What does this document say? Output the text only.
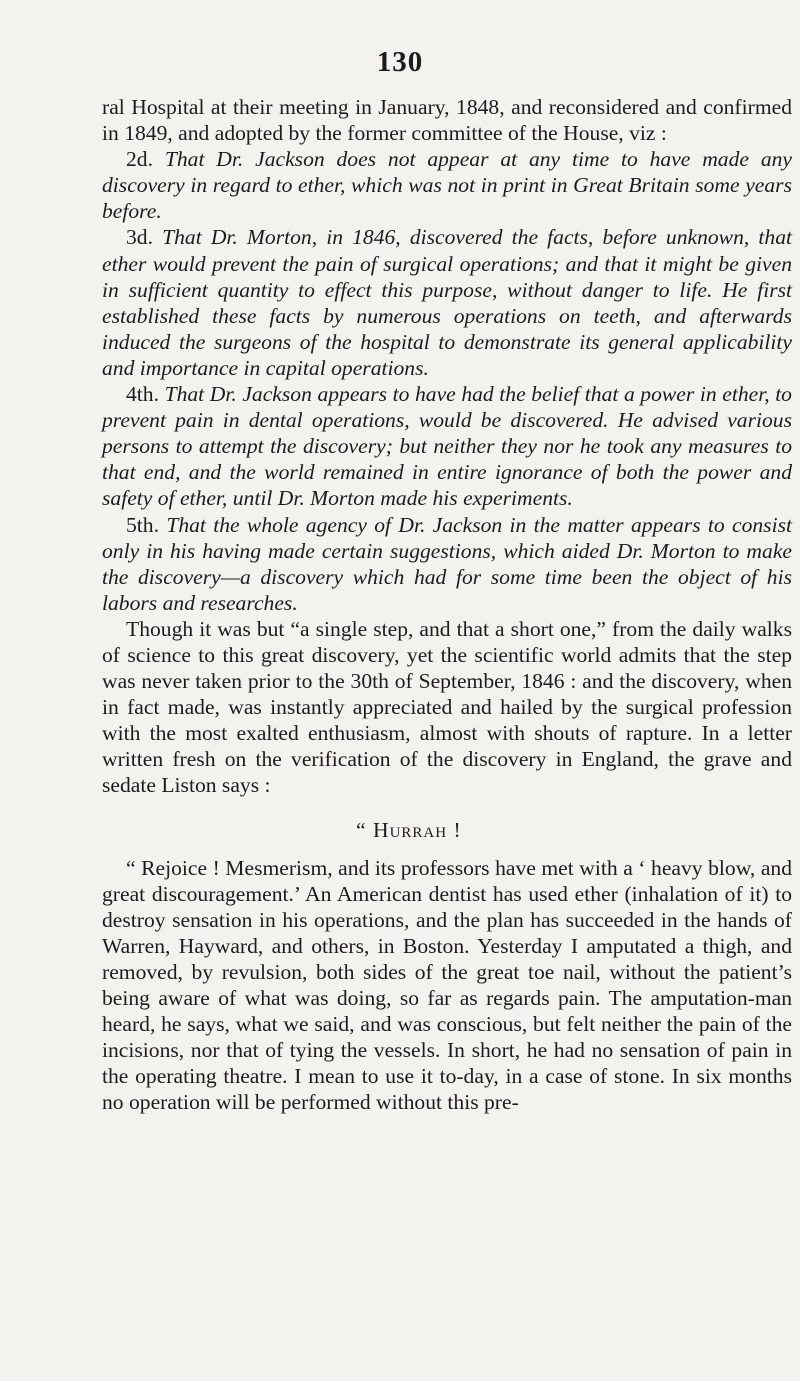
130

ral Hospital at their meeting in January, 1848, and reconsidered and confirmed in 1849, and adopted by the former committee of the House, viz :

2d. That Dr. Jackson does not appear at any time to have made any discovery in regard to ether, which was not in print in Great Britain some years before.

3d. That Dr. Morton, in 1846, discovered the facts, before unknown, that ether would prevent the pain of surgical operations; and that it might be given in sufficient quantity to effect this purpose, without danger to life. He first established these facts by numerous operations on teeth, and afterwards induced the surgeons of the hospital to demonstrate its general applicability and importance in capital operations.

4th. That Dr. Jackson appears to have had the belief that a power in ether, to prevent pain in dental operations, would be discovered. He advised various persons to attempt the discovery; but neither they nor he took any measures to that end, and the world remained in entire ignorance of both the power and safety of ether, until Dr. Morton made his experiments.

5th. That the whole agency of Dr. Jackson in the matter appears to consist only in his having made certain suggestions, which aided Dr. Morton to make the discovery—a discovery which had for some time been the object of his labors and researches.

Though it was but “a single step, and that a short one,” from the daily walks of science to this great discovery, yet the scientific world admits that the step was never taken prior to the 30th of September, 1846 : and the discovery, when in fact made, was instantly appreciated and hailed by the surgical profession with the most exalted enthusiasm, almost with shouts of rapture. In a letter written fresh on the verification of the discovery in England, the grave and sedate Liston says :

“ Hurrah !

“ Rejoice ! Mesmerism, and its professors have met with a ‘ heavy blow, and great discouragement.’ An American dentist has used ether (inhalation of it) to destroy sensation in his operations, and the plan has succeeded in the hands of Warren, Hayward, and others, in Boston. Yesterday I amputated a thigh, and removed, by revulsion, both sides of the great toe nail, without the patient’s being aware of what was doing, so far as regards pain. The amputation-man heard, he says, what we said, and was conscious, but felt neither the pain of the incisions, nor that of tying the vessels. In short, he had no sensation of pain in the operating theatre. I mean to use it to-day, in a case of stone. In six months no operation will be performed without this pre-
